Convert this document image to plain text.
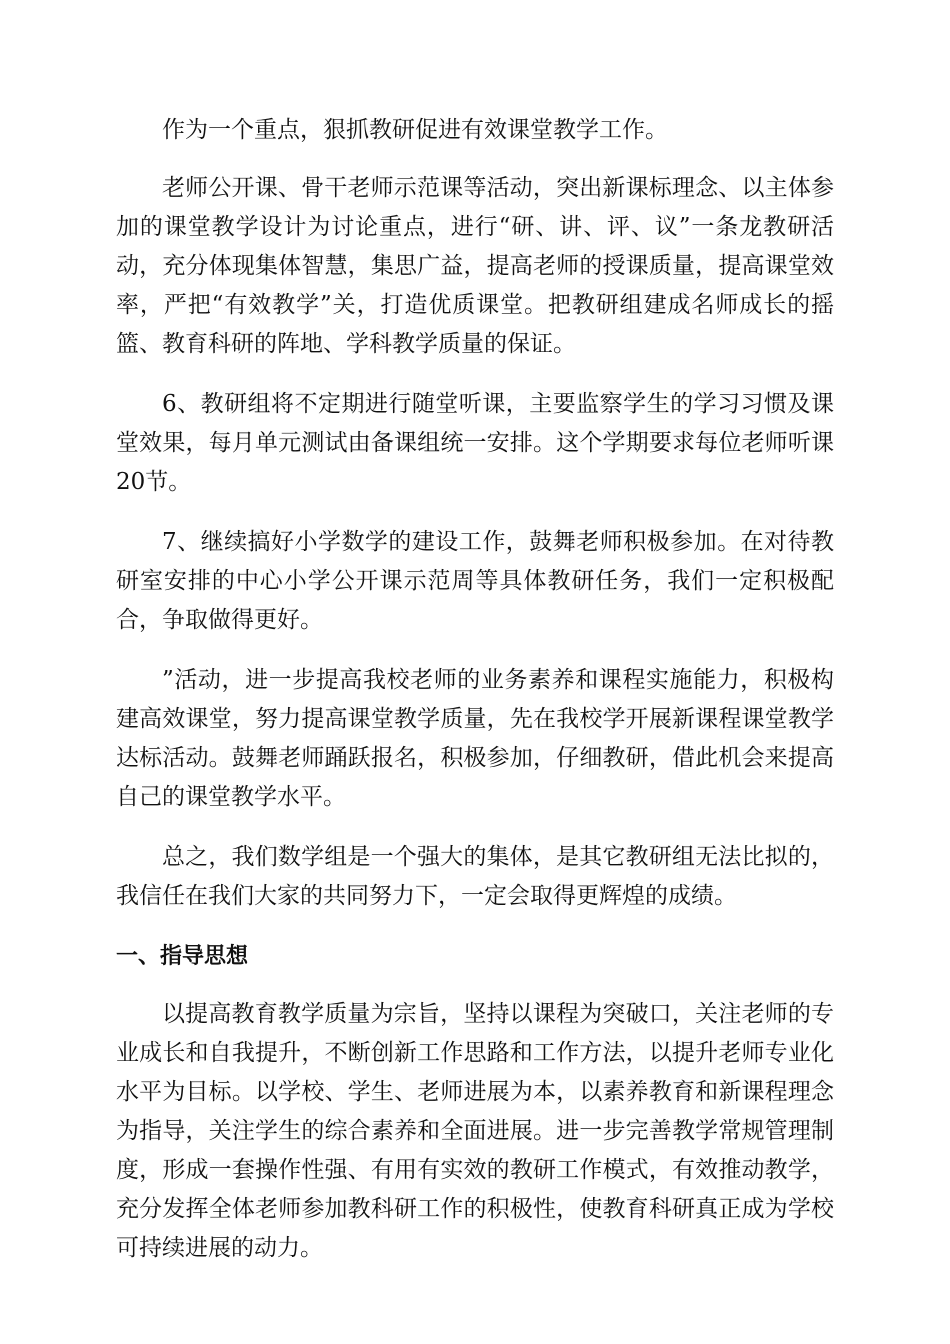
作为一个重点，狠抓教研促进有效课堂教学工作。

老师公开课、骨干老师示范课等活动，突出新课标理念、以主体参加的课堂教学设计为讨论重点，进行“研、讲、评、议”一条龙教研活动，充分体现集体智慧，集思广益，提高老师的授课质量，提高课堂效率，严把“有效教学”关，打造优质课堂。把教研组建成名师成长的摇篮、教育科研的阵地、学科教学质量的保证。

6、教研组将不定期进行随堂听课，主要监察学生的学习习惯及课堂效果，每月单元测试由备课组统一安排。这个学期要求每位老师听课20节。

7、继续搞好小学数学的建设工作，鼓舞老师积极参加。在对待教研室安排的中心小学公开课示范周等具体教研任务，我们一定积极配合，争取做得更好。

”活动，进一步提高我校老师的业务素养和课程实施能力，积极构建高效课堂，努力提高课堂教学质量，先在我校学开展新课程课堂教学达标活动。鼓舞老师踊跃报名，积极参加，仔细教研，借此机会来提高自己的课堂教学水平。

总之，我们数学组是一个强大的集体，是其它教研组无法比拟的，我信任在我们大家的共同努力下，一定会取得更辉煌的成绩。

一、指导思想

以提高教育教学质量为宗旨，坚持以课程为突破口，关注老师的专业成长和自我提升，不断创新工作思路和工作方法，以提升老师专业化水平为目标。以学校、学生、老师进展为本，以素养教育和新课程理念为指导，关注学生的综合素养和全面进展。进一步完善教学常规管理制度，形成一套操作性强、有用有实效的教研工作模式，有效推动教学，充分发挥全体老师参加教科研工作的积极性，使教育科研真正成为学校可持续进展的动力。
